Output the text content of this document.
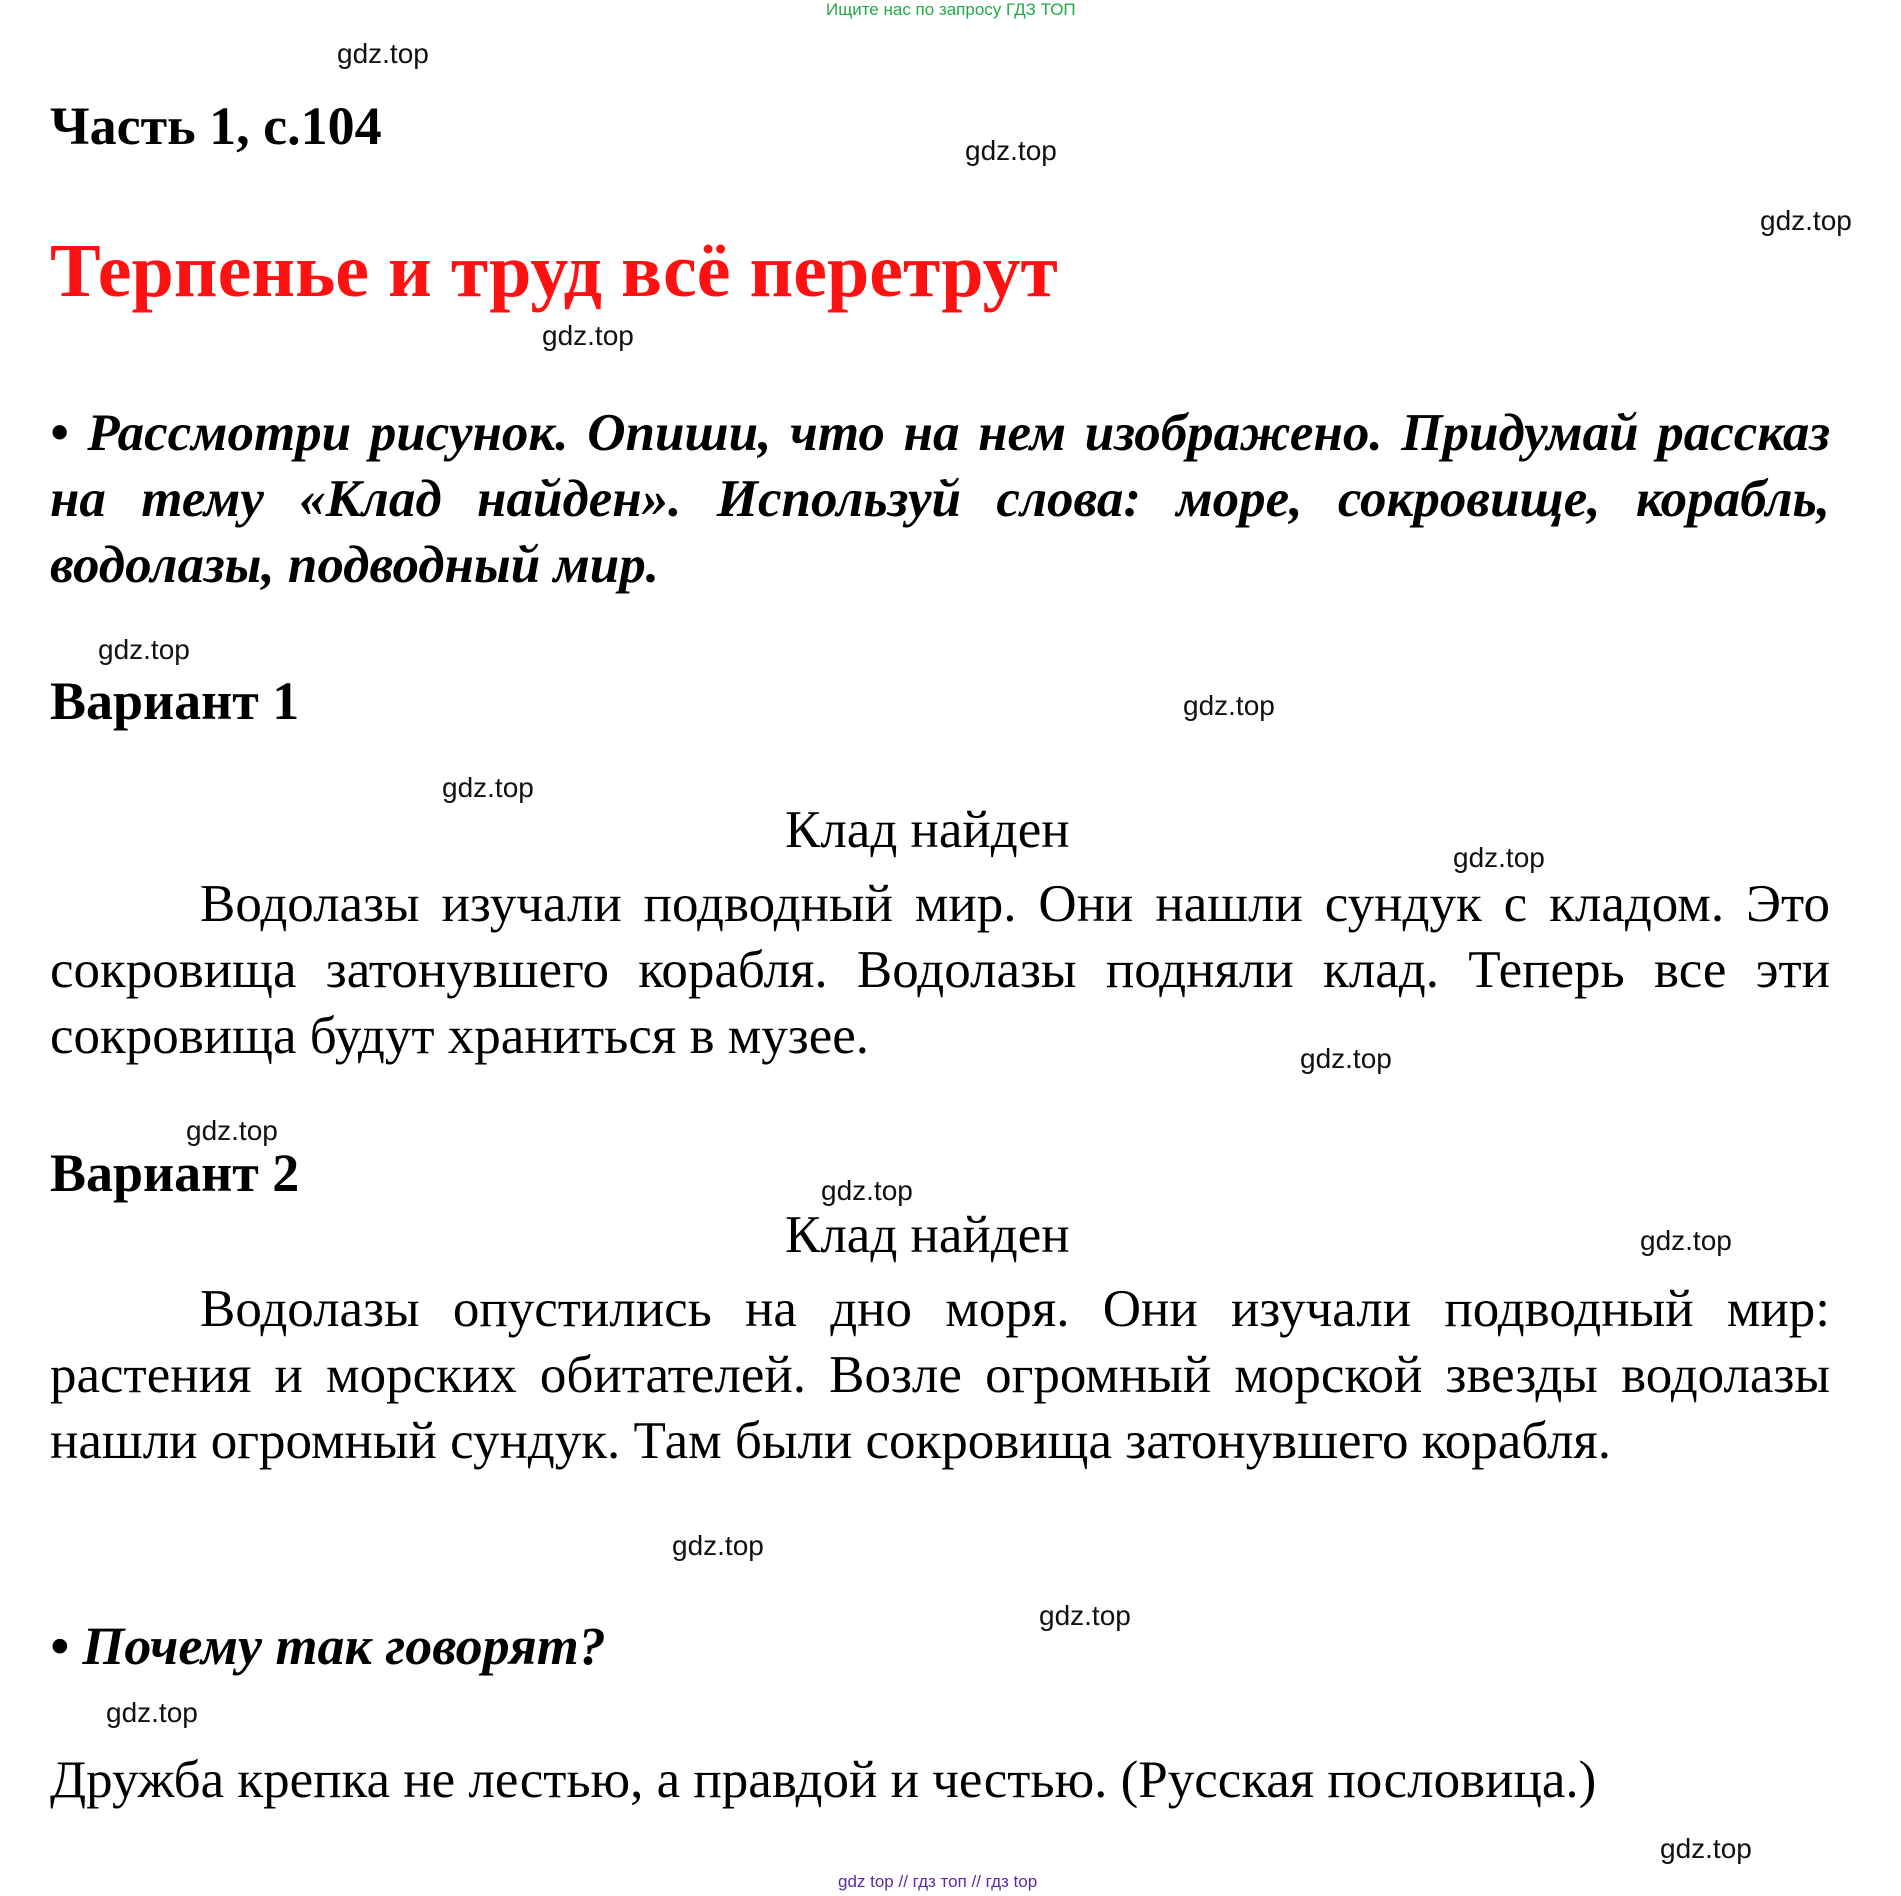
Ищите нас по запросу ГДЗ ТОП
gdz.top
gdz.top
gdz.top
gdz.top
gdz.top
gdz.top
gdz.top
gdz.top
gdz.top
gdz.top
gdz.top
gdz.top
gdz.top
gdz.top
gdz.top
gdz.top
Часть 1, с.104
Терпенье и труд всё перетрут
• Рассмотри рисунок. Опиши, что на нем изображено. Придумай рассказ на тему «Клад найден». Используй слова: море, сокровище, корабль, водолазы, подводный мир.
Вариант 1
Клад найден
Водолазы изучали подводный мир. Они нашли сундук с кладом. Это сокровища затонувшего корабля. Водолазы подняли клад. Теперь все эти сокровища будут храниться в музее.
Вариант 2
Клад найден
Водолазы опустились на дно моря. Они изучали подводный мир: растения и морских обитателей. Возле огромный морской звезды водолазы нашли огромный сундук. Там были сокровища затонувшего корабля.
• Почему так говорят?
Дружба крепка не лестью, а правдой и честью. (Русская пословица.)
gdz top // гдз топ // гдз top
